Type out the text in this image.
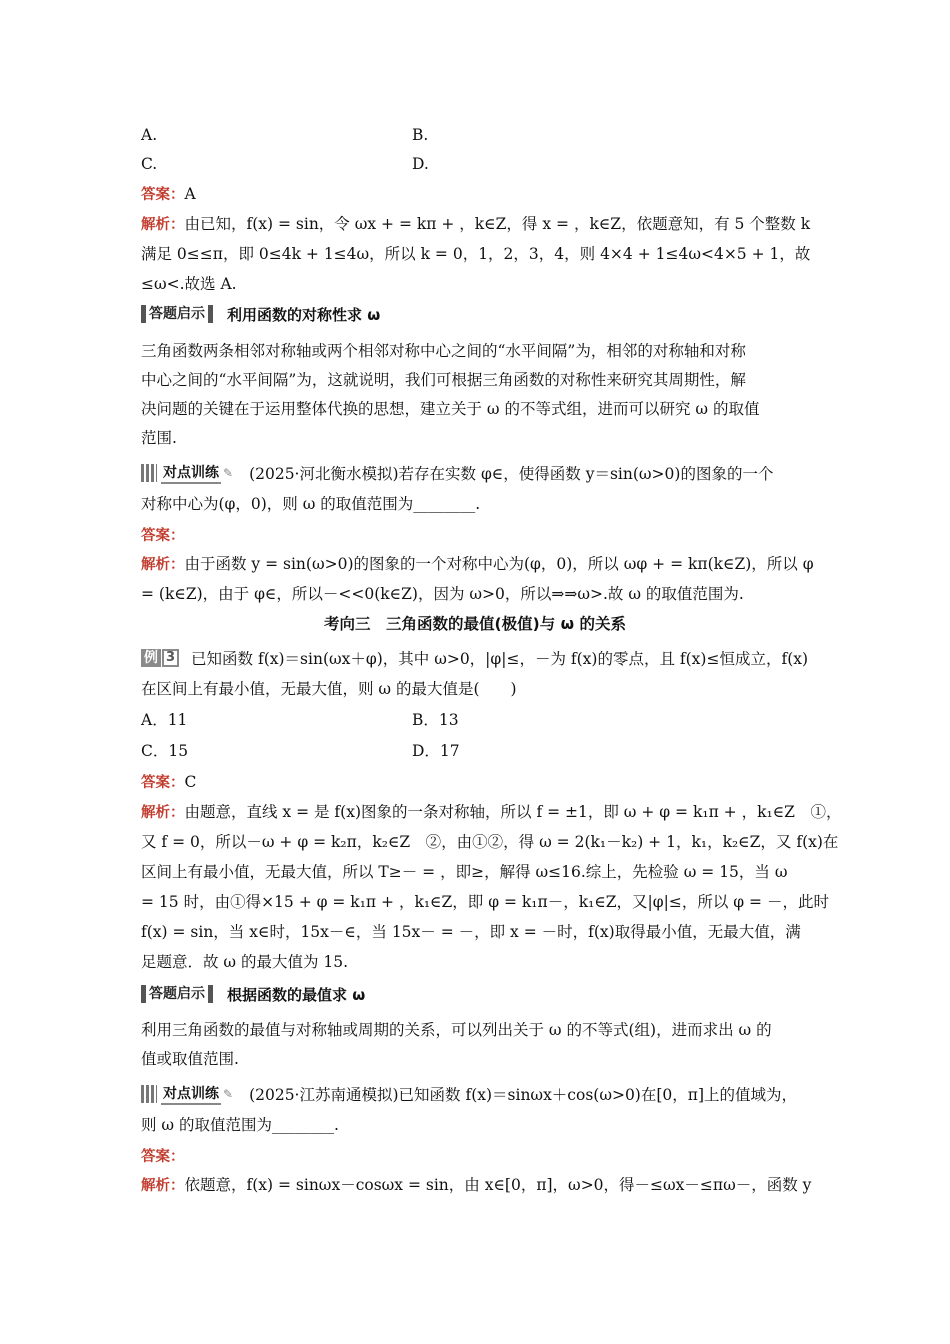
A.	B.
C.	D.
答案：A
解析：由已知，f(x) = sin，令 ωx + = kπ + ，k∈Z，得 x = ，k∈Z，依题意知，有 5 个整数 k
满足 0≤≤π，即 0≤4k + 1≤4ω，所以 k = 0，1，2，3，4，则 4×4 + 1≤4ω<4×5 + 1，故
≤ω<.故选 A.
答题启示	利用函数的对称性求 ω
三角函数两条相邻对称轴或两个相邻对称中心之间的“水平间隔”为，相邻的对称轴和对称
中心之间的“水平间隔”为，这就说明，我们可根据三角函数的对称性来研究其周期性，解
决问题的关键在于运用整体代换的思想，建立关于 ω 的不等式组，进而可以研究 ω 的取值
范围.
对点训练 ✎ (2025·河北衡水模拟)若存在实数 φ∈，使得函数 y＝sin(ω>0)的图象的一个
对称中心为(φ，0)，则 ω 的取值范围为________.
答案：
解析：由于函数 y = sin(ω>0)的图象的一个对称中心为(φ，0)，所以 ωφ + = kπ(k∈Z)，所以 φ
= (k∈Z)，由于 φ∈，所以－<<0(k∈Z)，因为 ω>0，所以⇒⇒ω>.故 ω 的取值范围为.
考向三　三角函数的最值(极值)与 ω 的关系
例 3 已知函数 f(x)＝sin(ωx＋φ)，其中 ω>0，|φ|≤，－为 f(x)的零点，且 f(x)≤恒成立，f(x)
在区间上有最小值，无最大值，则 ω 的最大值是(　　)
A．11	B．13
C．15	D．17
答案：C
解析：由题意，直线 x = 是 f(x)图象的一条对称轴，所以 f = ±1，即 ω + φ = k₁π + ，k₁∈Z　①，
又 f = 0，所以－ω + φ = k₂π，k₂∈Z　②，由①②，得 ω = 2(k₁－k₂) + 1，k₁，k₂∈Z，又 f(x)在
区间上有最小值，无最大值，所以 T≥－ = ，即≥，解得 ω≤16.综上，先检验 ω = 15，当 ω
= 15 时，由①得×15 + φ = k₁π + ，k₁∈Z，即 φ = k₁π－，k₁∈Z，又|φ|≤，所以 φ = －，此时
f(x) = sin，当 x∈时，15x－∈，当 15x－ = －，即 x = －时，f(x)取得最小值，无最大值，满
足题意．故 ω 的最大值为 15.
答题启示	根据函数的最值求 ω
利用三角函数的最值与对称轴或周期的关系，可以列出关于 ω 的不等式(组)，进而求出 ω 的
值或取值范围.
对点训练 ✎ (2025·江苏南通模拟)已知函数 f(x)＝sinωx＋cos(ω>0)在[0，π]上的值域为，
则 ω 的取值范围为________.
答案：
解析：依题意，f(x) = sinωx－cosωx = sin，由 x∈[0，π]，ω>0，得－≤ωx－≤πω－，函数 y
